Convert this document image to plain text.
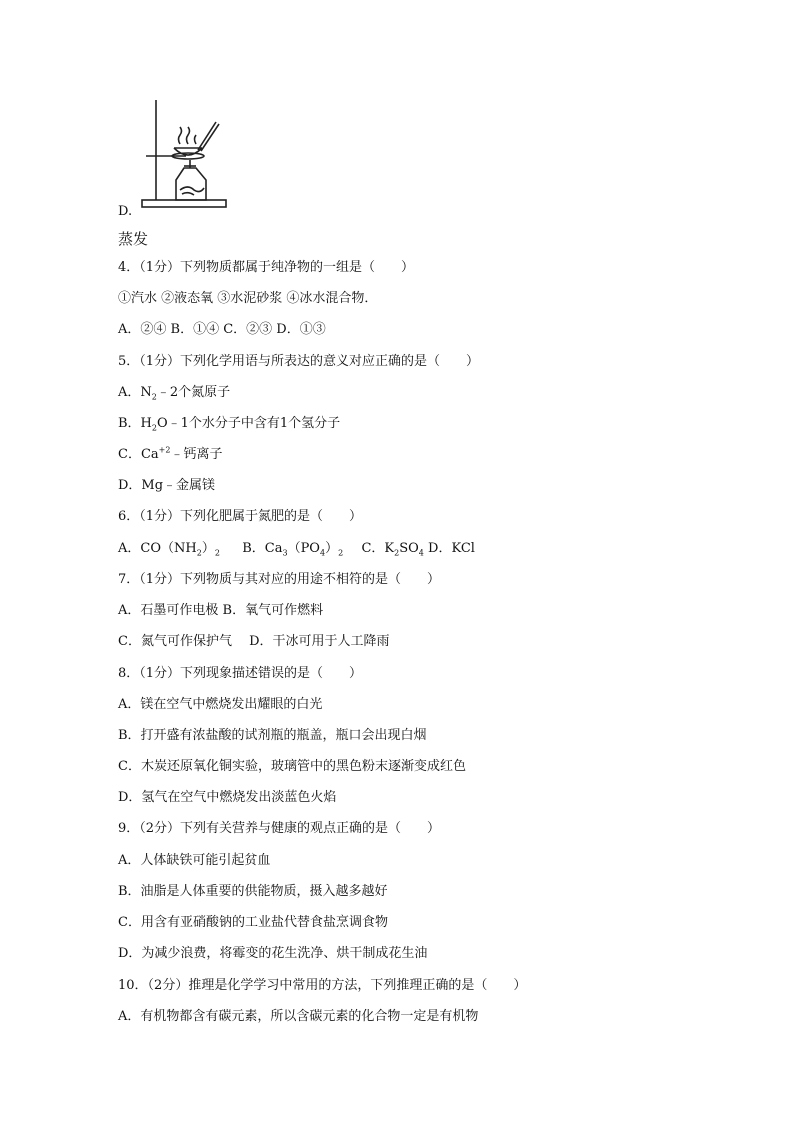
D.
蒸发
4．（1分）下列物质都属于纯净物的一组是（　　）
①汽水 ②液态氧 ③水泥砂浆 ④冰水混合物．
A．②④ B．①④ C．②③ D．①③
5．（1分）下列化学用语与所表达的意义对应正确的是（　　）
A．$N_2﹣2$个氮原子
B．$H_2O﹣1$个水分子中含有1个氢分子
C．$Ca^{+2}﹣$钙离子
D．Mg﹣金属镁
6．（1分）下列化肥属于氮肥的是（　　）
A．$CO(NH_2)_2$ B．$Ca_3(PO_4)_2$ C．$K_2SO_4$ D．KCl
7．（1分）下列物质与其对应的用途不相符的是（　　）
A．石墨可作电极 B．氧气可作燃料
C．氮气可作保护气　 D．干冰可用于人工降雨
8．（1分）下列现象描述错误的是（　　）
A．镁在空气中燃烧发出耀眼的白光
B．打开盛有浓盐酸的试剂瓶的瓶盖，瓶口会出现白烟
C．木炭还原氧化铜实验，玻璃管中的黑色粉末逐渐变成红色
D．氢气在空气中燃烧发出淡蓝色火焰
9．（2分）下列有关营养与健康的观点正确的是（　　）
A．人体缺铁可能引起贫血
B．油脂是人体重要的供能物质，摄入越多越好
C．用含有亚硝酸钠的工业盐代替食盐烹调食物
D．为减少浪费，将霉变的花生洗净、烘干制成花生油
10．（2分）推理是化学学习中常用的方法，下列推理正确的是（　　）
A．有机物都含有碳元素，所以含碳元素的化合物一定是有机物
